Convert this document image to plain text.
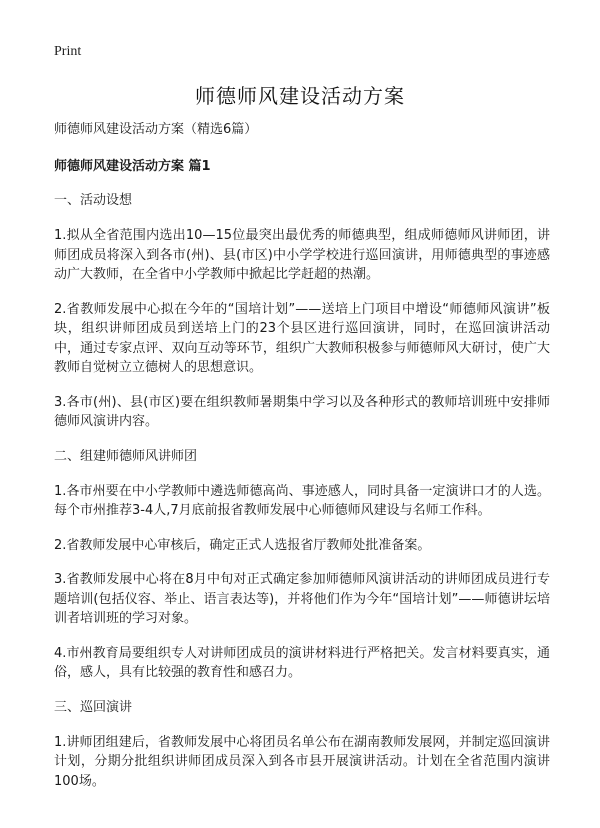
Print
师德师风建设活动方案

师德师风建设活动方案（精选6篇）

师德师风建设活动方案 篇1

一、活动设想

1.拟从全省范围内选出10—15位最突出最优秀的师德典型，组成师德师风讲师团，讲师团成员将深入到各市(州)、县(市区)中小学学校进行巡回演讲，用师德典型的事迹感动广大教师，在全省中小学教师中掀起比学赶超的热潮。

2.省教师发展中心拟在今年的“国培计划”——送培上门项目中增设“师德师风演讲”板块，组织讲师团成员到送培上门的23个县区进行巡回演讲，同时，在巡回演讲活动中，通过专家点评、双向互动等环节，组织广大教师积极参与师德师风大研讨，使广大教师自觉树立立德树人的思想意识。

3.各市(州)、县(市区)要在组织教师暑期集中学习以及各种形式的教师培训班中安排师德师风演讲内容。

二、组建师德师风讲师团

1.各市州要在中小学教师中遴选师德高尚、事迹感人，同时具备一定演讲口才的人选。每个市州推荐3-4人,7月底前报省教师发展中心师德师风建设与名师工作科。

2.省教师发展中心审核后，确定正式人选报省厅教师处批准备案。

3.省教师发展中心将在8月中旬对正式确定参加师德师风演讲活动的讲师团成员进行专题培训(包括仪容、举止、语言表达等)，并将他们作为今年“国培计划”——师德讲坛培训者培训班的学习对象。

4.市州教育局要组织专人对讲师团成员的演讲材料进行严格把关。发言材料要真实，通俗，感人，具有比较强的教育性和感召力。

三、巡回演讲

1.讲师团组建后，省教师发展中心将团员名单公布在湖南教师发展网，并制定巡回演讲计划，分期分批组织讲师团成员深入到各市县开展演讲活动。计划在全省范围内演讲100场。
